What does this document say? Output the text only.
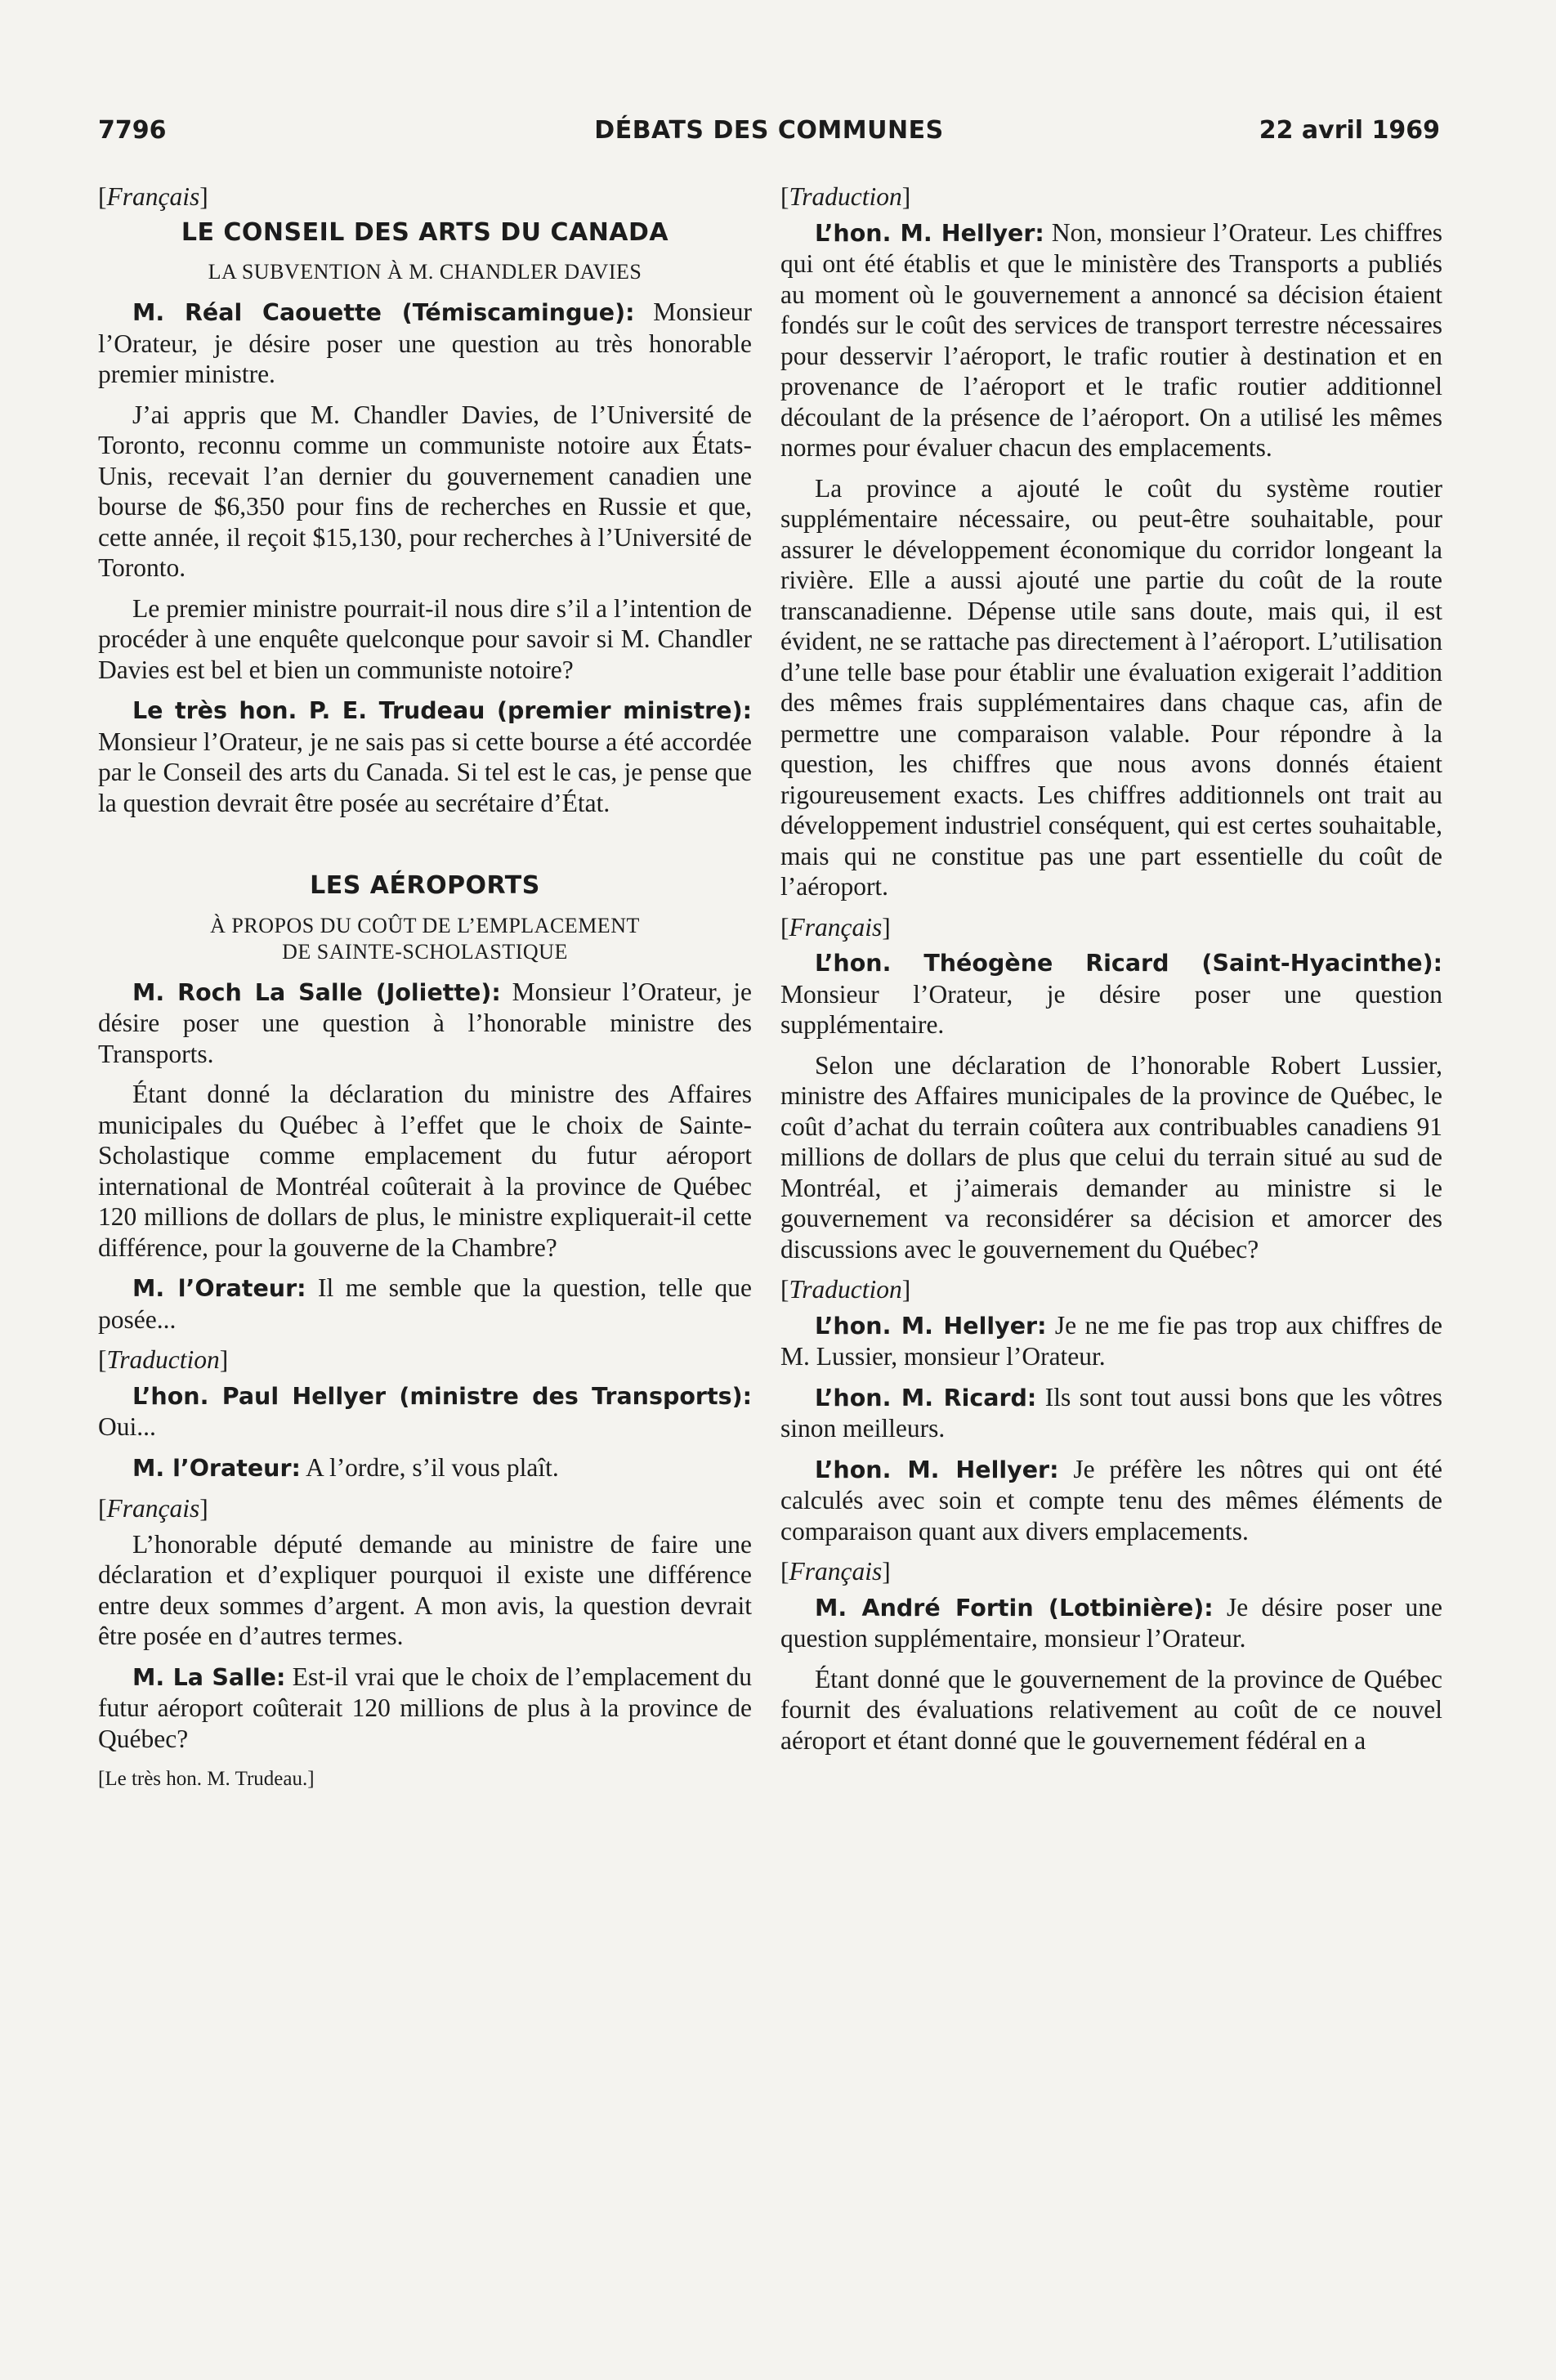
7796	DÉBATS DES COMMUNES	22 avril 1969
[Français]
LE CONSEIL DES ARTS DU CANADA
LA SUBVENTION À M. CHANDLER DAVIES

M. Réal Caouette (Témiscamingue): Monsieur l’Orateur, je désire poser une question au très honorable premier ministre.

J’ai appris que M. Chandler Davies, de l’Université de Toronto, reconnu comme un communiste notoire aux États-Unis, recevait l’an dernier du gouvernement canadien une bourse de $6,350 pour fins de recherches en Russie et que, cette année, il reçoit $15,130, pour recherches à l’Université de Toronto.

Le premier ministre pourrait-il nous dire s’il a l’intention de procéder à une enquête quelconque pour savoir si M. Chandler Davies est bel et bien un communiste notoire?

Le très hon. P. E. Trudeau (premier ministre): Monsieur l’Orateur, je ne sais pas si cette bourse a été accordée par le Conseil des arts du Canada. Si tel est le cas, je pense que la question devrait être posée au secrétaire d’État.

LES AÉROPORTS
À PROPOS DU COÛT DE L’EMPLACEMENT
DE SAINTE-SCHOLASTIQUE

M. Roch La Salle (Joliette): Monsieur l’Orateur, je désire poser une question à l’honorable ministre des Transports.

Étant donné la déclaration du ministre des Affaires municipales du Québec à l’effet que le choix de Sainte-Scholastique comme emplacement du futur aéroport international de Montréal coûterait à la province de Québec 120 millions de dollars de plus, le ministre expliquerait-il cette différence, pour la gouverne de la Chambre?

M. l’Orateur: Il me semble que la question, telle que posée...

[Traduction]

L’hon. Paul Hellyer (ministre des Transports): Oui...

M. l’Orateur: A l’ordre, s’il vous plaît.

[Français]

L’honorable député demande au ministre de faire une déclaration et d’expliquer pourquoi il existe une différence entre deux sommes d’argent. A mon avis, la question devrait être posée en d’autres termes.

M. La Salle: Est-il vrai que le choix de l’emplacement du futur aéroport coûterait 120 millions de plus à la province de Québec?

[Le très hon. M. Trudeau.]

[Traduction]

L’hon. M. Hellyer: Non, monsieur l’Orateur. Les chiffres qui ont été établis et que le ministère des Transports a publiés au moment où le gouvernement a annoncé sa décision étaient fondés sur le coût des services de transport terrestre nécessaires pour desservir l’aéroport, le trafic routier à destination et en provenance de l’aéroport et le trafic routier additionnel découlant de la présence de l’aéroport. On a utilisé les mêmes normes pour évaluer chacun des emplacements.

La province a ajouté le coût du système routier supplémentaire nécessaire, ou peut-être souhaitable, pour assurer le développement économique du corridor longeant la rivière. Elle a aussi ajouté une partie du coût de la route transcanadienne. Dépense utile sans doute, mais qui, il est évident, ne se rattache pas directement à l’aéroport. L’utilisation d’une telle base pour établir une évaluation exigerait l’addition des mêmes frais supplémentaires dans chaque cas, afin de permettre une comparaison valable. Pour répondre à la question, les chiffres que nous avons donnés étaient rigoureusement exacts. Les chiffres additionnels ont trait au développement industriel conséquent, qui est certes souhaitable, mais qui ne constitue pas une part essentielle du coût de l’aéroport.

[Français]

L’hon. Théogène Ricard (Saint-Hyacinthe): Monsieur l’Orateur, je désire poser une question supplémentaire.

Selon une déclaration de l’honorable Robert Lussier, ministre des Affaires municipales de la province de Québec, le coût d’achat du terrain coûtera aux contribuables canadiens 91 millions de dollars de plus que celui du terrain situé au sud de Montréal, et j’aimerais demander au ministre si le gouvernement va reconsidérer sa décision et amorcer des discussions avec le gouvernement du Québec?

[Traduction]

L’hon. M. Hellyer: Je ne me fie pas trop aux chiffres de M. Lussier, monsieur l’Orateur.

L’hon. M. Ricard: Ils sont tout aussi bons que les vôtres sinon meilleurs.

L’hon. M. Hellyer: Je préfère les nôtres qui ont été calculés avec soin et compte tenu des mêmes éléments de comparaison quant aux divers emplacements.

[Français]

M. André Fortin (Lotbinière): Je désire poser une question supplémentaire, monsieur l’Orateur.

Étant donné que le gouvernement de la province de Québec fournit des évaluations relativement au coût de ce nouvel aéroport et étant donné que le gouvernement fédéral en a
